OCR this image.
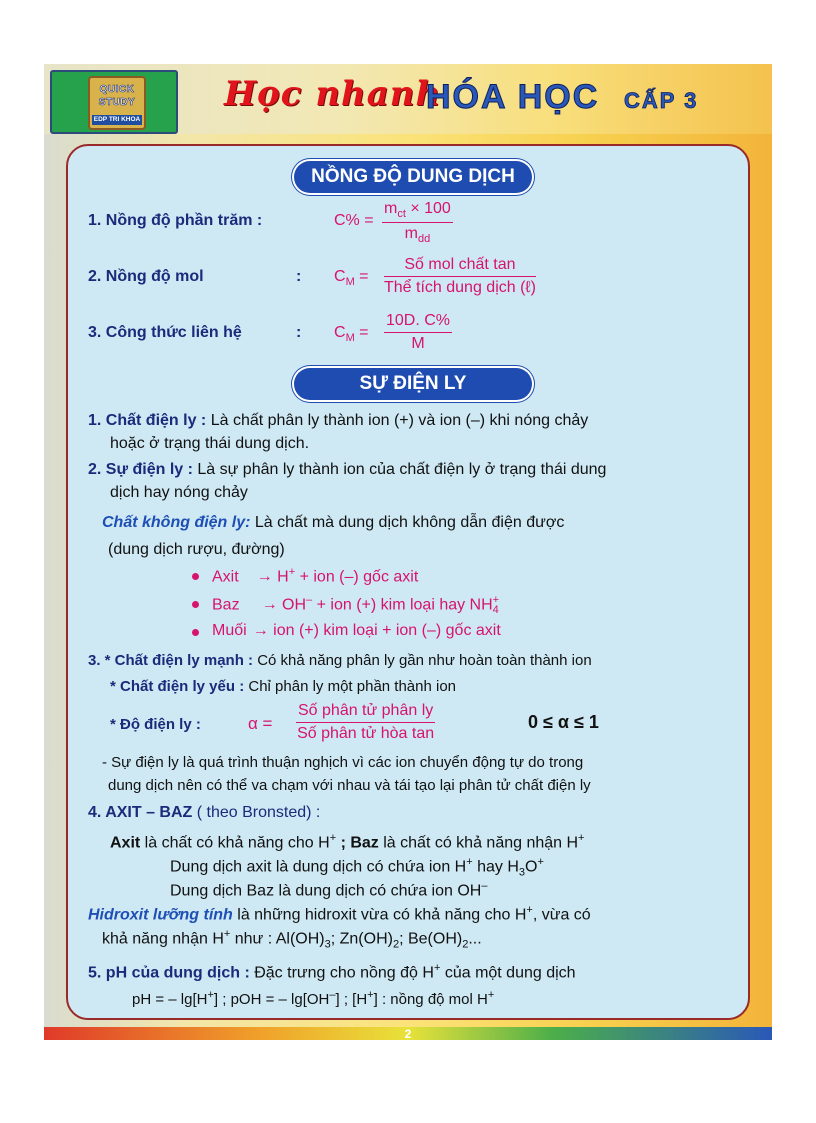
QUICK
STUDY
EDP TRI KHOA
Học nhanh
HÓA HỌC CẤP 3
NỒNG ĐỘ DUNG DỊCH
1. Nồng độ phần trăm :	C% =
$m_{ct} \times 100$
$m_{dd}$
2. Nồng độ mol	: $C_M$ =
Số mol chất tan
Thể tích dung dịch (ℓ)
3. Công thức liên hệ	: $C_M = \frac{10D. C\%}{M}$
SỰ ĐIỆN LY
1. Chất điện ly : Là chất phân ly thành ion (+) và ion (–) khi nóng chảy
hoặc ở trạng thái dung dịch.
2. Sự điện ly : Là sự phân ly thành ion của chất điện ly ở trạng thái dung
dịch hay nóng chảy
Chất không điện ly: Là chất mà dung dịch không dẫn điện được
(dung dịch rượu, đường)
Axit → H+ + ion (–) gốc axit
Baz → OH– + ion (+) kim loại hay NH +
4
Muối → ion (+) kim loại + ion (–) gốc axit
3. * Chất điện ly mạnh : Có khả năng phân ly gần như hoàn toàn thành ion
* Chất điện ly yếu : Chỉ phân ly một phần thành ion
* Độ điện ly :	α =
Số phân tử phân ly
Số phân tử hòa tan
0 ≤ α ≤ 1
- Sự điện ly là quá trình thuận nghịch vì các ion chuyển động tự do trong
dung dịch nên có thể va chạm với nhau và tái tạo lại phân tử chất điện ly
4. AXIT – BAZ ( theo Bronsted) :
Axit là chất có khả năng cho H+ ; Baz là chất có khả năng nhận H+
Dung dịch axit là dung dịch có chứa ion H+ hay $H_3O^+$
Dung dịch Baz là dung dịch có chứa ion OH–
Hidroxit lưỡng tính là những hidroxit vừa có khả năng cho H+, vừa có
khả năng nhận H+ như : $Al(OH)_3$; $Zn(OH)_2$; $Be(OH)_2$...
5. pH của dung dịch : Đặc trưng cho nồng độ H+ của một dung dịch
pH = – lg[H+] ; pOH = – lg[OH–] ; [H+] : nồng độ mol H+
2
